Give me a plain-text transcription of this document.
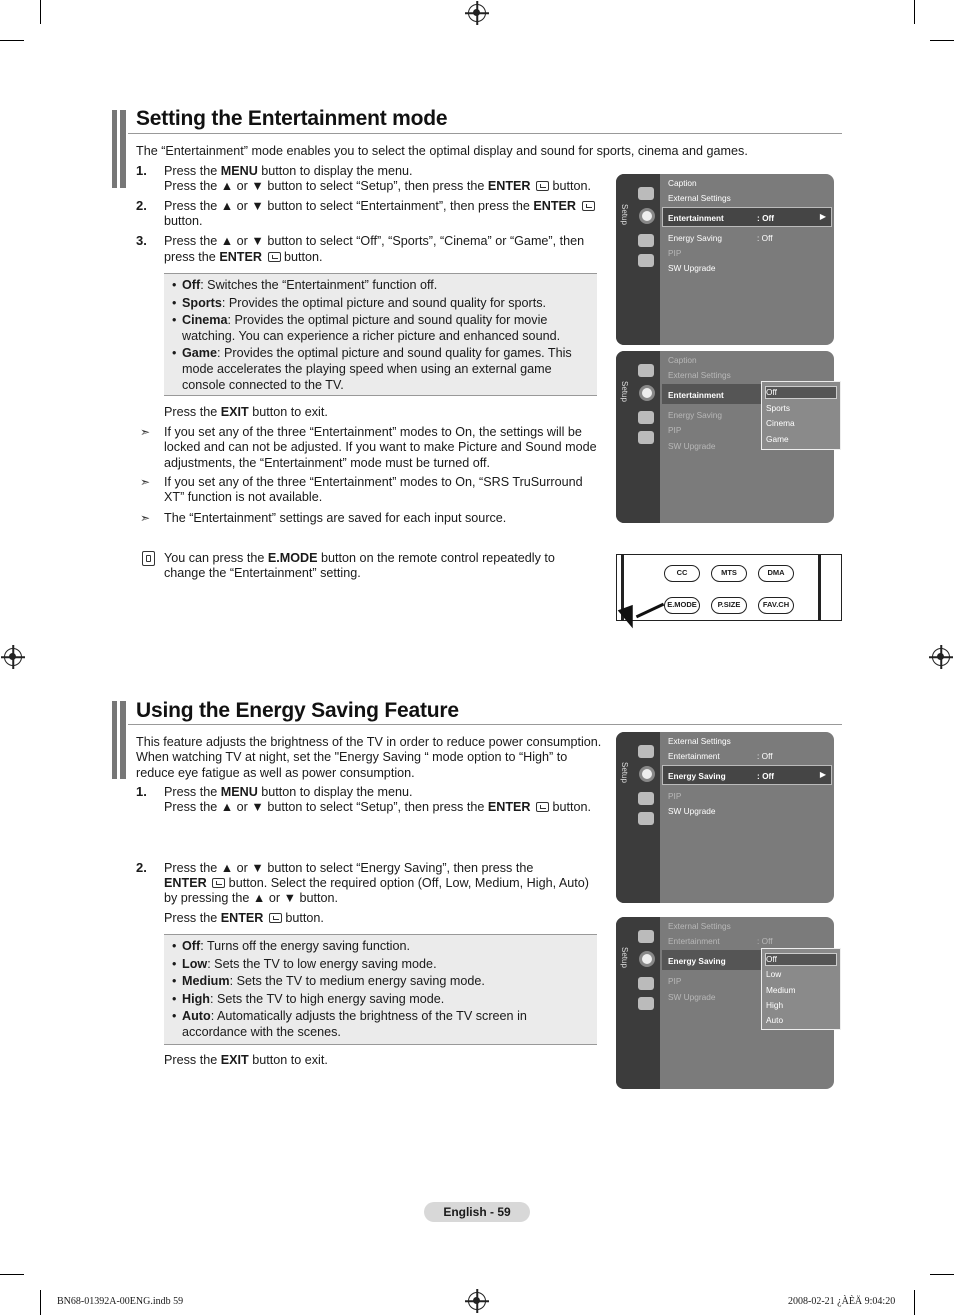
Setting the Entertainment mode

The “Entertainment” mode enables you to select the optimal display and sound for sports, cinema and games.

1. Press the MENU button to display the menu.

Press the ▲ or ▼ button to select “Setup”, then press the ENTER  button.

2. Press the ▲ or ▼ button to select “Entertainment”, then press the ENTER

button.

3. Press the ▲ or ▼ button to select “Off”, “Sports”, “Cinema” or “Game”, then

press the ENTER  button.

• Off: Switches the “Entertainment” function off.
• Sports: Provides the optimal picture and sound quality for sports.
• Cinema: Provides the optimal picture and sound quality for movie watching. You can experience a richer picture and enhanced sound.
• Game: Provides the optimal picture and sound quality for games. This mode accelerates the playing speed when using an external game console connected to the TV.

Press the EXIT button to exit.

➣ If you set any of the three “Entertainment” modes to On, the settings will be locked and can not be adjusted. If you want to make Picture and Sound mode adjustments, the “Entertainment” mode must be turned off.

➣ If you set any of the three “Entertainment” modes to On, “SRS TruSurround XT” function is not available.

➣ The “Entertainment” settings are saved for each input source.

You can press the E.MODE button on the remote control repeatedly to change the “Entertainment” setting.

Setup
Caption
External Settings
Entertainment	: Off	▶
Energy Saving	: Off
PIP
SW Upgrade
Setup
Caption
External Settings
Entertainment
Energy Saving
PIP
SW Upgrade
Off
Sports
Cinema
Game
CC	MTS	DMA
E.MODE	P.SIZE	FAV.CH
Using the Energy Saving Feature

This feature adjusts the brightness of the TV in order to reduce power consumption. When watching TV at night, set the "Energy Saving “ mode option to “High” to reduce eye fatigue as well as power consumption.

1. Press the MENU button to display the menu.

Press the ▲ or ▼ button to select “Setup”, then press the ENTER  button.

2. Press the ▲ or ▼ button to select “Energy Saving”, then press the

ENTER  button. Select the required option (Off, Low, Medium, High, Auto)

by pressing the ▲ or ▼ button.

Press the ENTER  button.

• Off: Turns off the energy saving function.
• Low: Sets the TV to low energy saving mode.
• Medium: Sets the TV to medium energy saving mode.
• High: Sets the TV to high energy saving mode.
• Auto: Automatically adjusts the brightness of the TV screen in accordance with the scenes.

Press the EXIT button to exit.

Setup
External Settings
Entertainment	: Off
Energy Saving	: Off	▶
PIP
SW Upgrade
Setup
External Settings
Entertainment	: Off
Energy Saving
PIP
SW Upgrade
Off
Low
Medium
High
Auto
English - 59
BN68-01392A-00ENG.indb 59	2008-02-21 ¿ÀÈÄ 9:04:20
